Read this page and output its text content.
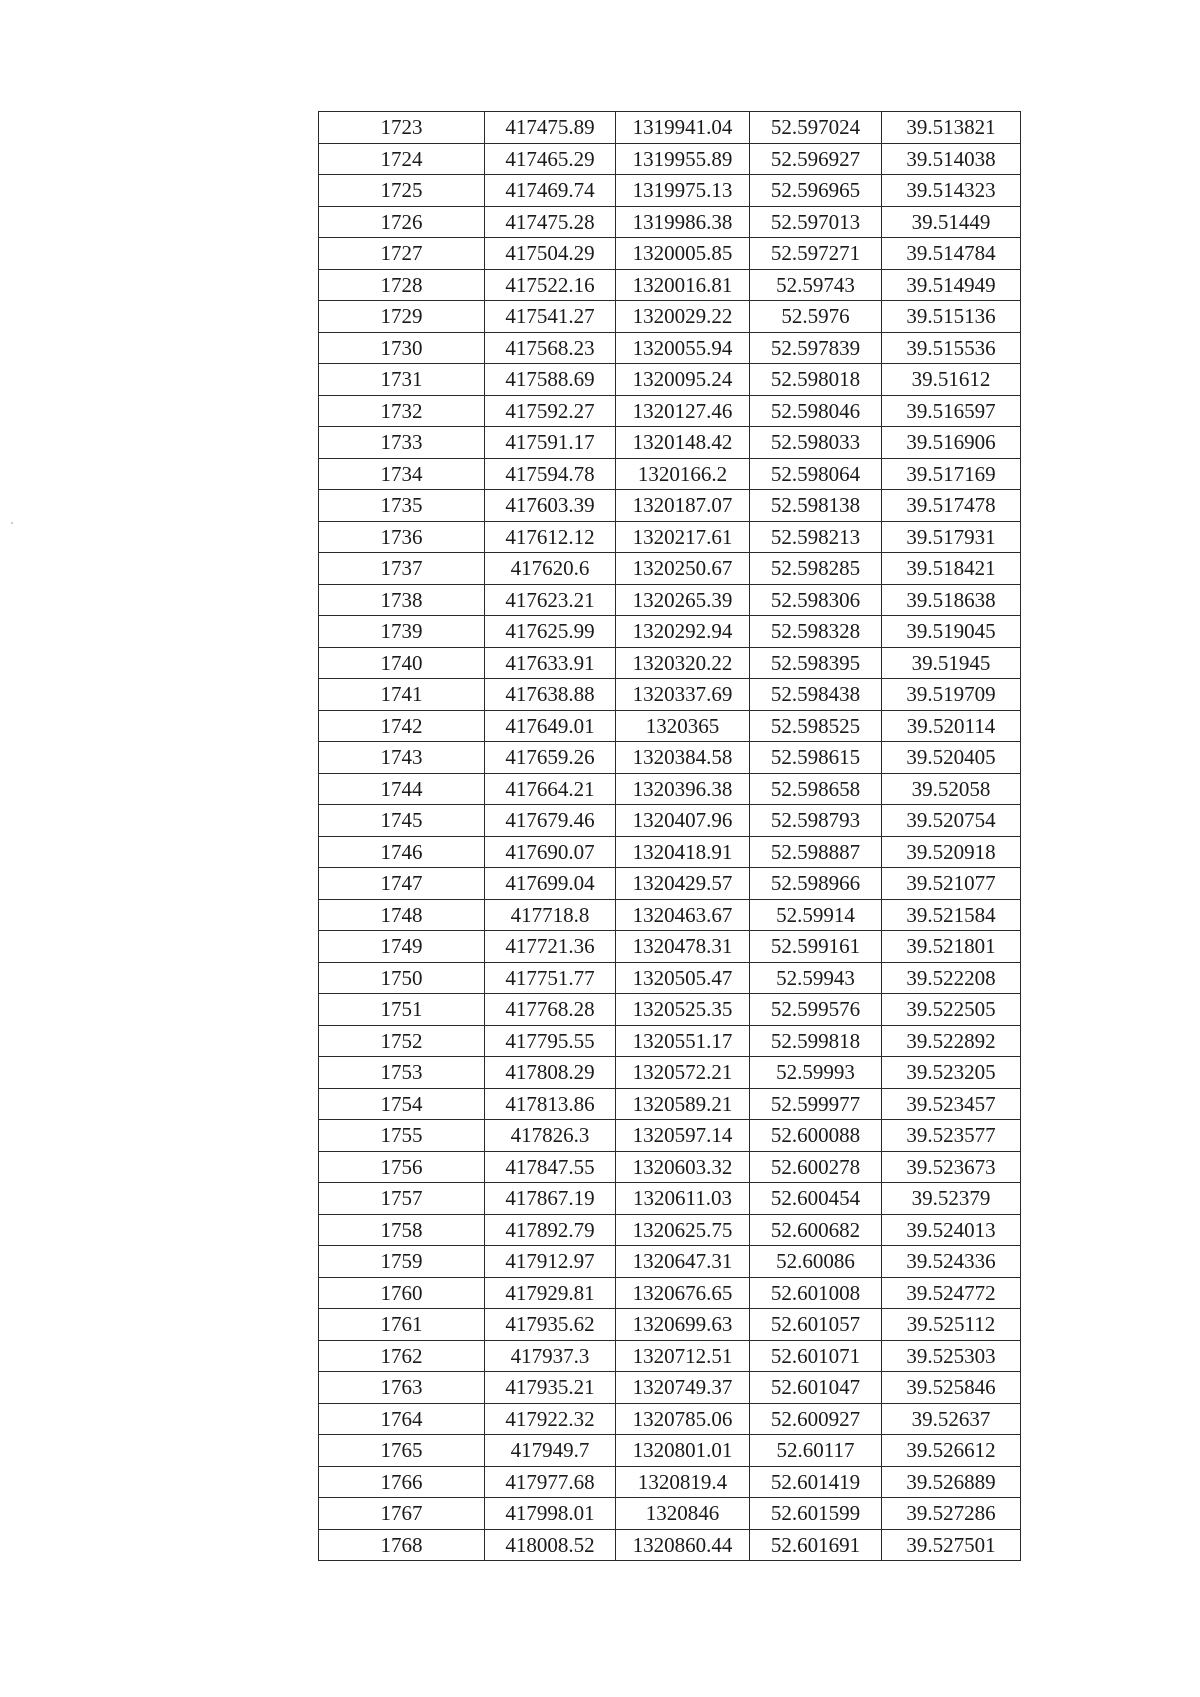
1723	417475.89	1319941.04	52.597024	39.513821
1724	417465.29	1319955.89	52.596927	39.514038
1725	417469.74	1319975.13	52.596965	39.514323
1726	417475.28	1319986.38	52.597013	39.51449
1727	417504.29	1320005.85	52.597271	39.514784
1728	417522.16	1320016.81	52.59743	39.514949
1729	417541.27	1320029.22	52.5976	39.515136
1730	417568.23	1320055.94	52.597839	39.515536
1731	417588.69	1320095.24	52.598018	39.51612
1732	417592.27	1320127.46	52.598046	39.516597
1733	417591.17	1320148.42	52.598033	39.516906
1734	417594.78	1320166.2	52.598064	39.517169
1735	417603.39	1320187.07	52.598138	39.517478
1736	417612.12	1320217.61	52.598213	39.517931
1737	417620.6	1320250.67	52.598285	39.518421
1738	417623.21	1320265.39	52.598306	39.518638
1739	417625.99	1320292.94	52.598328	39.519045
1740	417633.91	1320320.22	52.598395	39.51945
1741	417638.88	1320337.69	52.598438	39.519709
1742	417649.01	1320365	52.598525	39.520114
1743	417659.26	1320384.58	52.598615	39.520405
1744	417664.21	1320396.38	52.598658	39.52058
1745	417679.46	1320407.96	52.598793	39.520754
1746	417690.07	1320418.91	52.598887	39.520918
1747	417699.04	1320429.57	52.598966	39.521077
1748	417718.8	1320463.67	52.59914	39.521584
1749	417721.36	1320478.31	52.599161	39.521801
1750	417751.77	1320505.47	52.59943	39.522208
1751	417768.28	1320525.35	52.599576	39.522505
1752	417795.55	1320551.17	52.599818	39.522892
1753	417808.29	1320572.21	52.59993	39.523205
1754	417813.86	1320589.21	52.599977	39.523457
1755	417826.3	1320597.14	52.600088	39.523577
1756	417847.55	1320603.32	52.600278	39.523673
1757	417867.19	1320611.03	52.600454	39.52379
1758	417892.79	1320625.75	52.600682	39.524013
1759	417912.97	1320647.31	52.60086	39.524336
1760	417929.81	1320676.65	52.601008	39.524772
1761	417935.62	1320699.63	52.601057	39.525112
1762	417937.3	1320712.51	52.601071	39.525303
1763	417935.21	1320749.37	52.601047	39.525846
1764	417922.32	1320785.06	52.600927	39.52637
1765	417949.7	1320801.01	52.60117	39.526612
1766	417977.68	1320819.4	52.601419	39.526889
1767	417998.01	1320846	52.601599	39.527286
1768	418008.52	1320860.44	52.601691	39.527501
